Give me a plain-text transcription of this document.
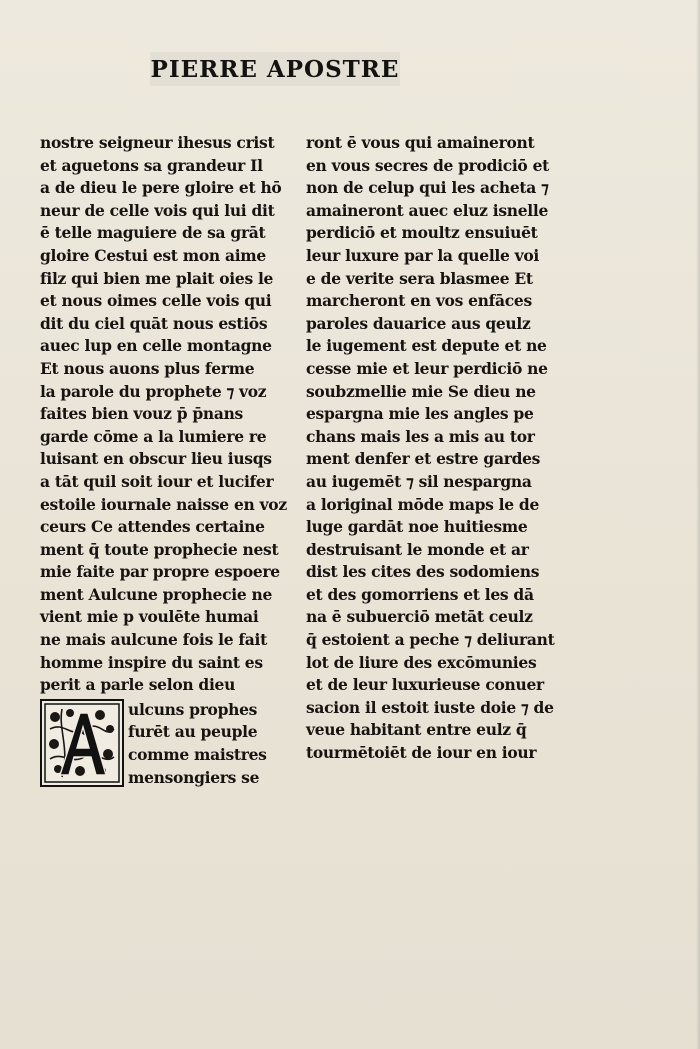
PIERRE APOSTRE
nostre seigneur ihesus crist
et aguetons sa grandeur Il
a de dieu le pere gloire et hō
neur de celle vois qui lui dit
ē telle maguiere de sa grāt
gloire Cestui est mon aime
filz qui bien me plait oies le
et nous oimes celle vois qui
dit du ciel quāt nous estiōs
auec lup en celle montagne
Et nous auons plus ferme
la parole du prophete ⁊ voz
faites bien vouz p̄ p̄nans
garde cōme a la lumiere re
luisant en obscur lieu iusqs
a tāt quil soit iour et lucifer
estoile iournale naisse en voz
ceurs Ce attendes certaine
ment q̄ toute prophecie nest
mie faite par propre espoere
ment Aulcune prophecie ne
vient mie p voulēte humai
ne mais aulcune fois le fait
homme inspire du saint es
perit a parle selon dieu
ulcuns prophes
furēt au peuple
comme maistres
mensongiers se
ront ē vous qui amaineront
en vous secres de prodiciō et
non de celup qui les acheta ⁊
amaineront auec eluz isnelle
perdiciō et moultz ensuiuēt
leur luxure par la quelle voi
e de verite sera blasmee Et
marcheront en vos enfāces
paroles dauarice aus qeulz
le iugement est depute et ne
cesse mie et leur perdiciō ne
soubzmellie mie Se dieu ne
espargna mie les angles pe
chans mais les a mis au tor
ment denfer et estre gardes
au iugemēt ⁊ sil nespargna
a loriginal mōde maps le de
luge gardāt noe huitiesme
destruisant le monde et ar
dist les cites des sodomiens
et des gomorriens et les dā
na ē subuerciō metāt ceulz
q̄ estoient a peche ⁊ deliurant
lot de liure des excōmunies
et de leur luxurieuse conuer
sacion il estoit iuste doie ⁊ de
veue habitant entre eulz q̄
tourmētoiēt de iour en iour
